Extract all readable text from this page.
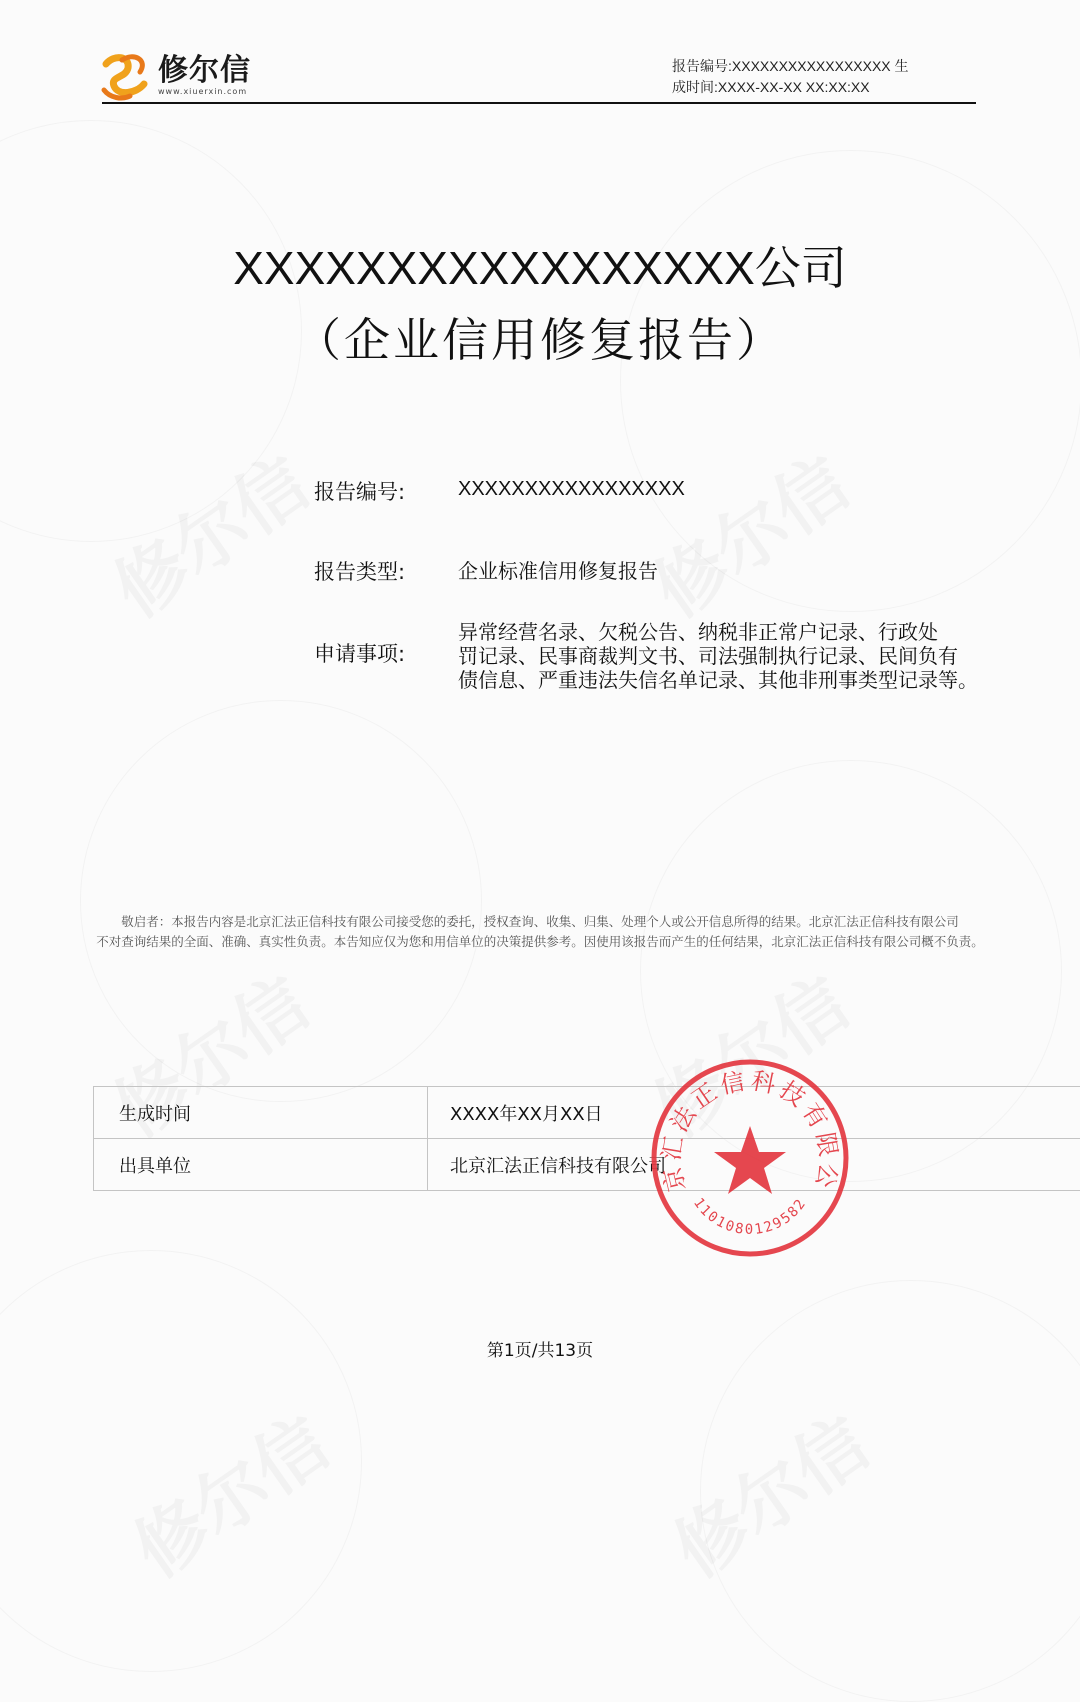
修尔信
www.xiuerxin.com
报告编号:XXXXXXXXXXXXXXXXX 生
成时间:XXXX-XX-XX XX:XX:XX
XXXXXXXXXXXXXXXXX公司
（企业信用修复报告）
报告编号:	XXXXXXXXXXXXXXXXX
报告类型:	企业标准信用修复报告
申请事项:
异常经营名录、欠税公告、纳税非正常户记录、行政处
罚记录、民事商裁判文书、司法强制执行记录、民间负有
债信息、严重违法失信名单记录、其他非刑事类型记录等。
敬启者：本报告内容是北京汇法正信科技有限公司接受您的委托，授权查询、收集、归集、处理个人或公开信息所得的结果。北京汇法正信科技有限公司
不对查询结果的全面、准确、真实性负责。本告知应仅为您和用信单位的决策提供参考。因使用该报告而产生的任何结果，北京汇法正信科技有限公司概不负责。
生成时间	XXXX年XX月XX日
出具单位	北京汇法正信科技有限公司
京汇法正信科技有限公
1101080129582
第1页/共13页
